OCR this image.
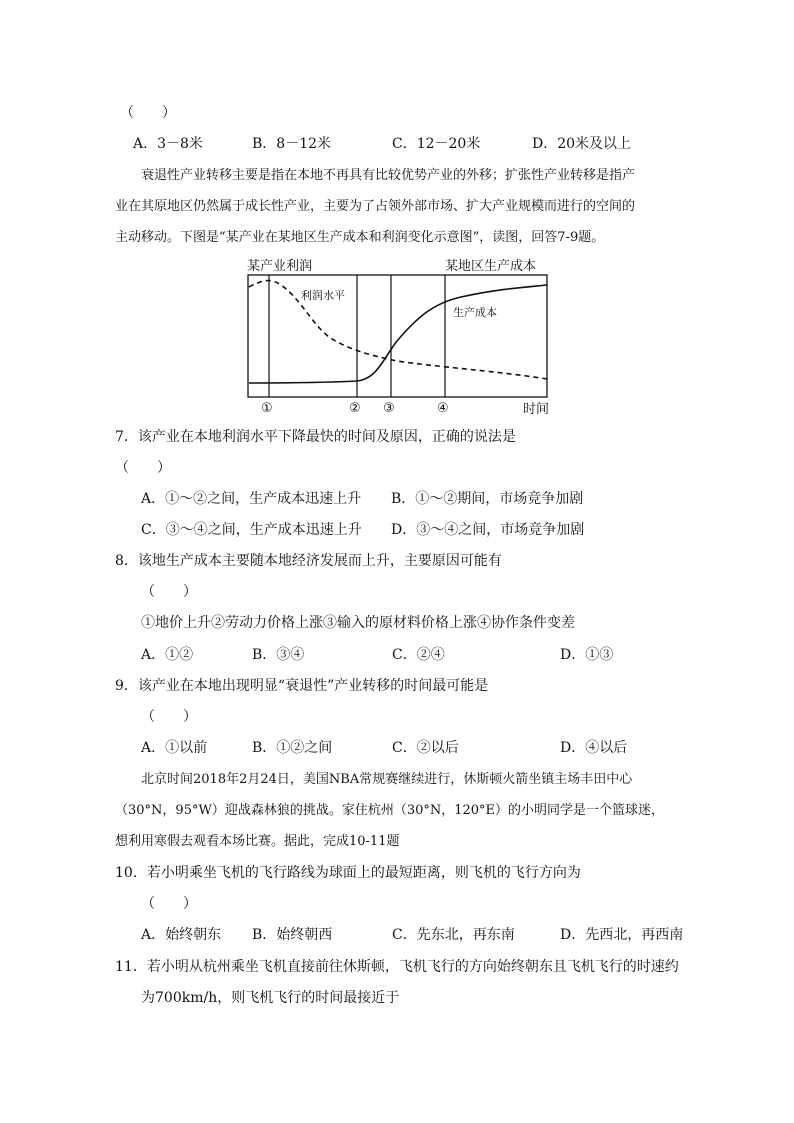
（　　）
A．3－8米	B．8－12米	C．12－20米	D．20米及以上
衰退性产业转移主要是指在本地不再具有比较优势产业的外移；扩张性产业转移是指产
业在其原地区仍然属于成长性产业，主要为了占领外部市场、扩大产业规模而进行的空间的
主动移动。下图是“某产业在某地区生产成本和利润变化示意图”，读图，回答7-9题。
某产业利润	某地区生产成本
利润水平
生产成本
①	② ③	④	时间
7．该产业在本地利润水平下降最快的时间及原因，正确的说法是
（　　）
A．①～②之间，生产成本迅速上升 B．①～②期间，市场竞争加剧
C．③～④之间，生产成本迅速上升 D．③～④之间，市场竞争加剧
8．该地生产成本主要随本地经济发展而上升，主要原因可能有
（　　）
①地价上升②劳动力价格上涨③输入的原材料价格上涨④协作条件变差
A．①②	B．③④	C．②④	D．①③
9．该产业在本地出现明显“衰退性”产业转移的时间最可能是
（　　）
A．①以前	B．①②之间	C．②以后	D．④以后
北京时间2018年2月24日，美国NBA常规赛继续进行，休斯顿火箭坐镇主场丰田中心
（30°N，95°W）迎战森林狼的挑战。家住杭州（30°N，120°E）的小明同学是一个篮球迷，
想利用寒假去观看本场比赛。据此，完成10-11题
10．若小明乘坐飞机的飞行路线为球面上的最短距离，则飞机的飞行方向为
（　　）
A．始终朝东 B．始终朝西	C．先东北，再东南	D．先西北，再西南
11．若小明从杭州乘坐飞机直接前往休斯顿，飞机飞行的方向始终朝东且飞机飞行的时速约
为700km/h，则飞机飞行的时间最接近于
